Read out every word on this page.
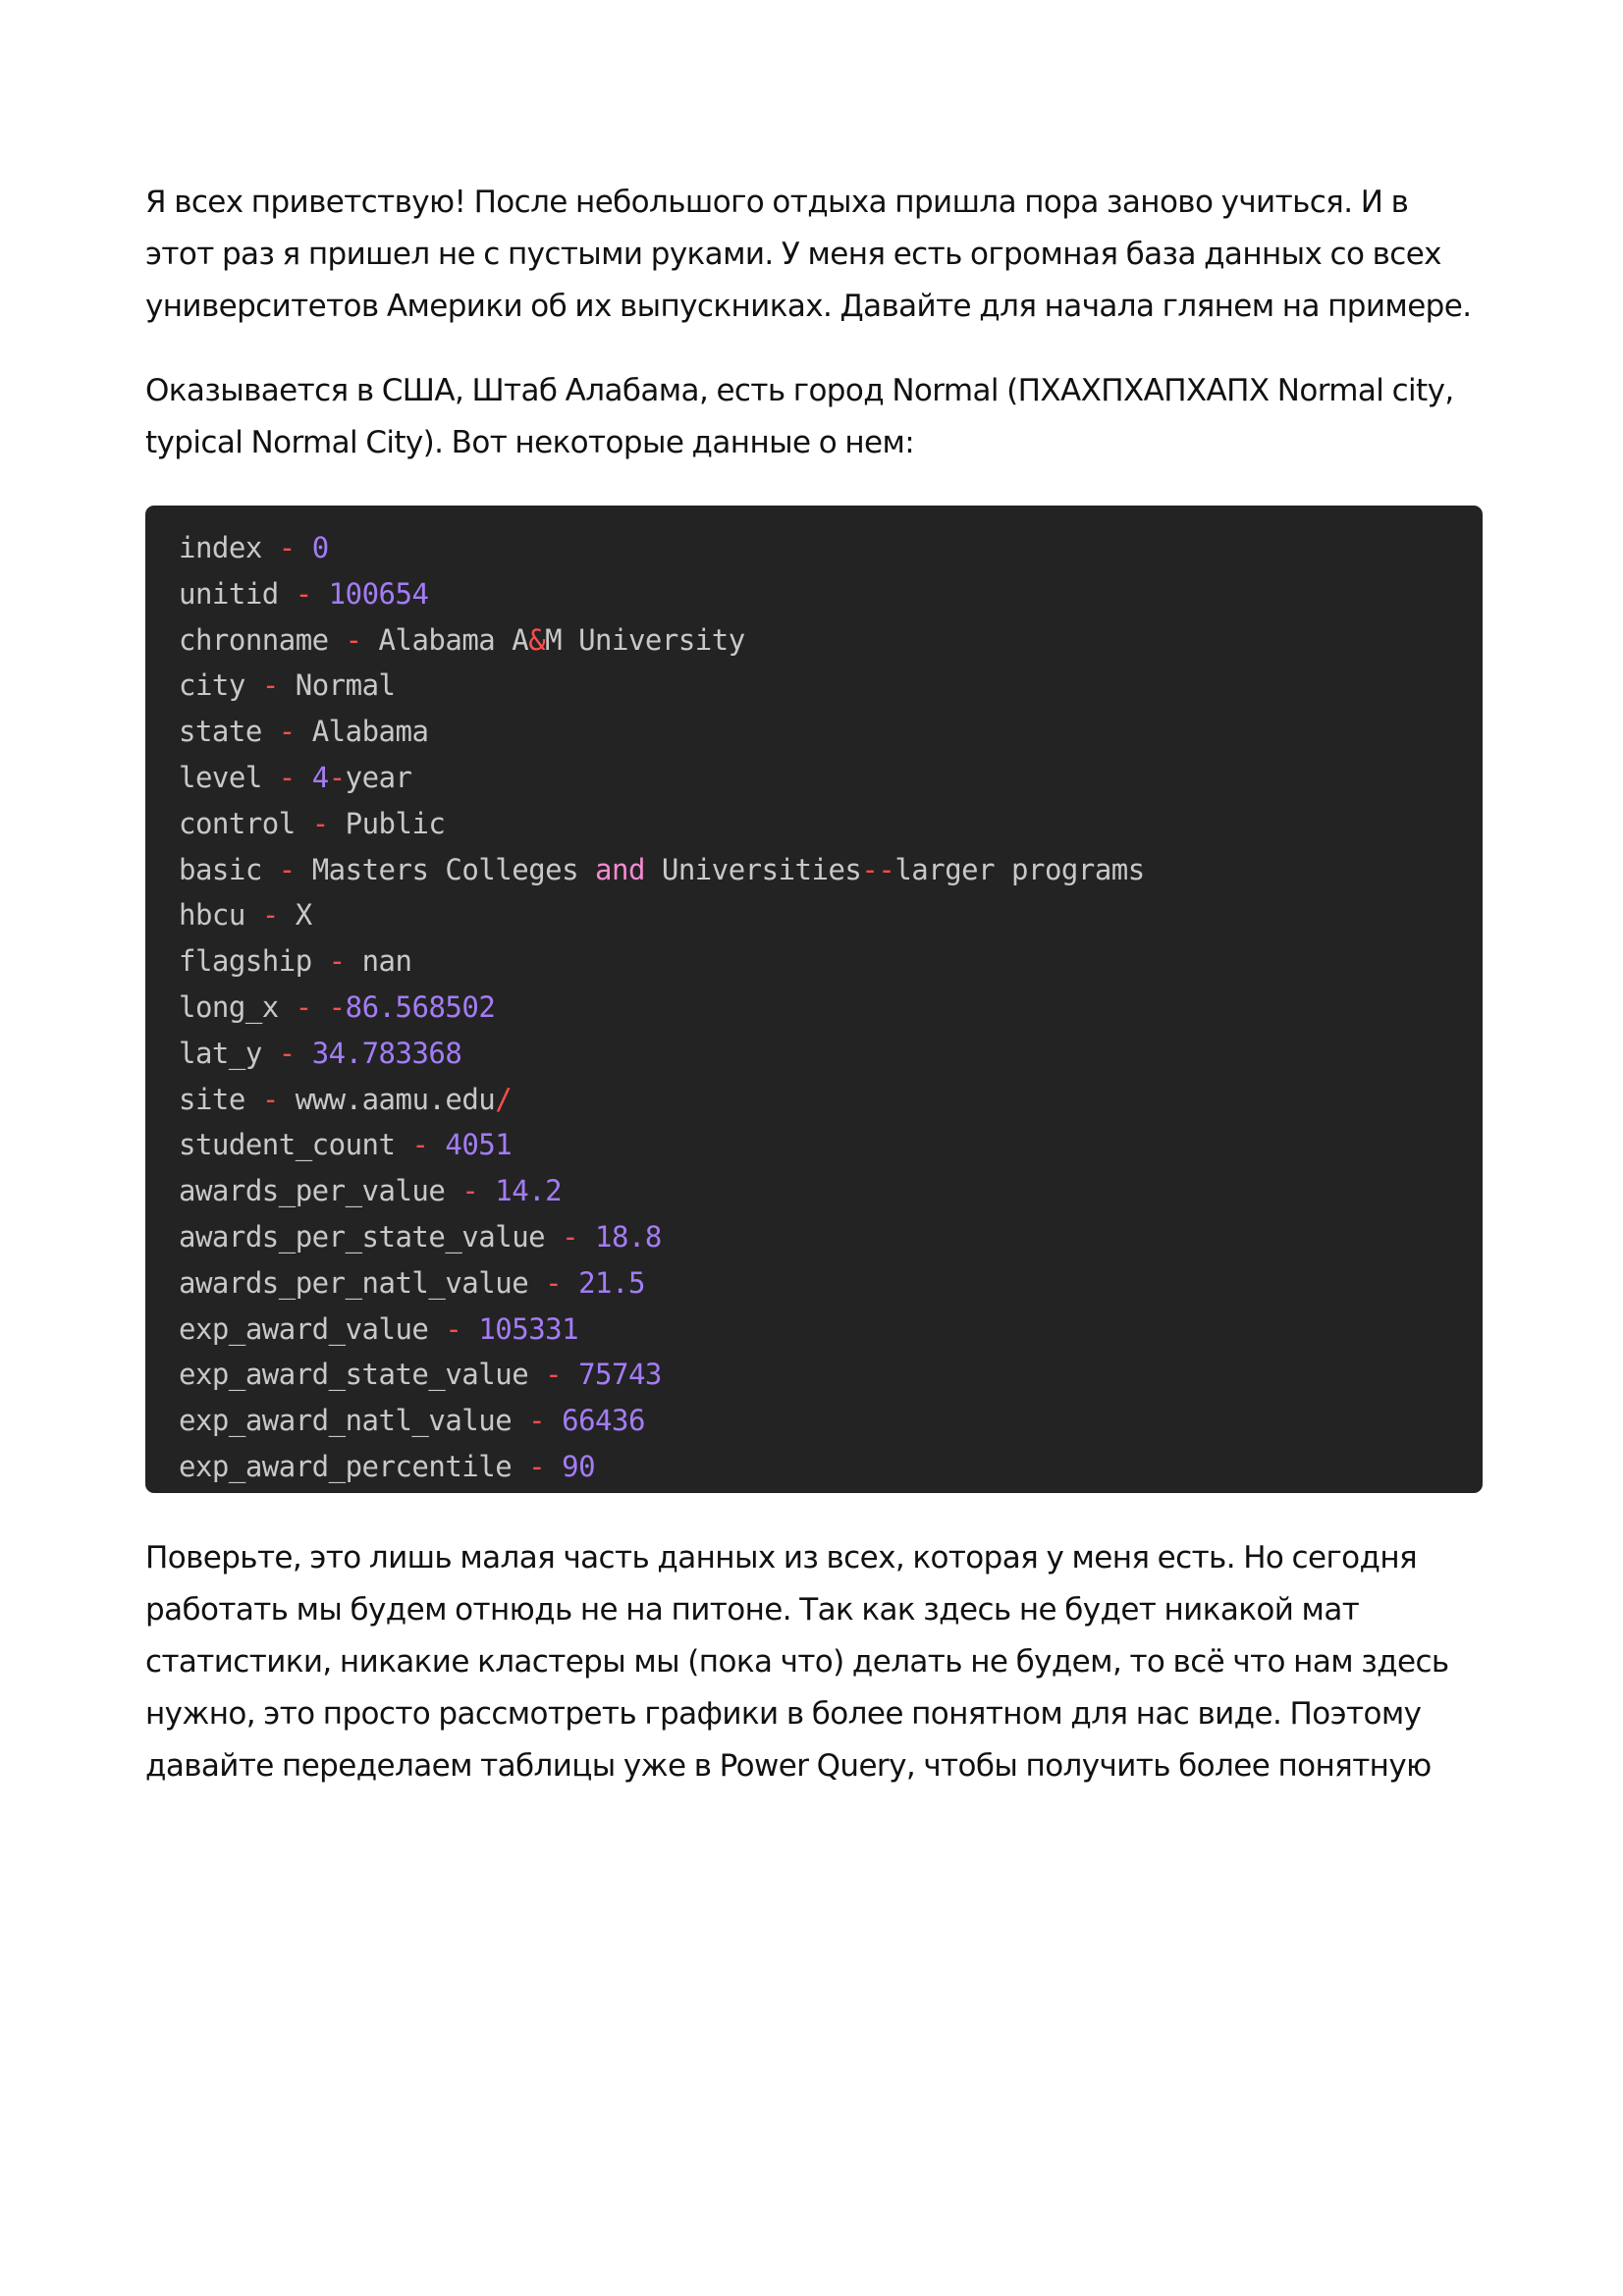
Я всех приветствую! После небольшого отдыха пришла пора заново учиться. И в этот раз я пришел не с пустыми руками. У меня есть огромная база данных со всех университетов Америки об их выпускниках. Давайте для начала глянем на примере.

Оказывается в США, Штаб Алабама, есть город Normal (ПХАХПХАПХАПХ Normal city, typical Normal City). Вот некоторые данные о нем:

index - 0
unitid - 100654
chronname - Alabama A&M University
city - Normal
state - Alabama
level - 4-year
control - Public
basic - Masters Colleges and Universities--larger programs
hbcu - X
flagship - nan
long_x - -86.568502
lat_y - 34.783368
site - www.aamu.edu/
student_count - 4051
awards_per_value - 14.2
awards_per_state_value - 18.8
awards_per_natl_value - 21.5
exp_award_value - 105331
exp_award_state_value - 75743
exp_award_natl_value - 66436
exp_award_percentile - 90

Поверьте, это лишь малая часть данных из всех, которая у меня есть. Но сегодня работать мы будем отнюдь не на питоне. Так как здесь не будет никакой мат статистики, никакие кластеры мы (пока что) делать не будем, то всё что нам здесь нужно, это просто рассмотреть графики в более понятном для нас виде. Поэтому давайте переделаем таблицы уже в Power Query, чтобы получить более понятную
